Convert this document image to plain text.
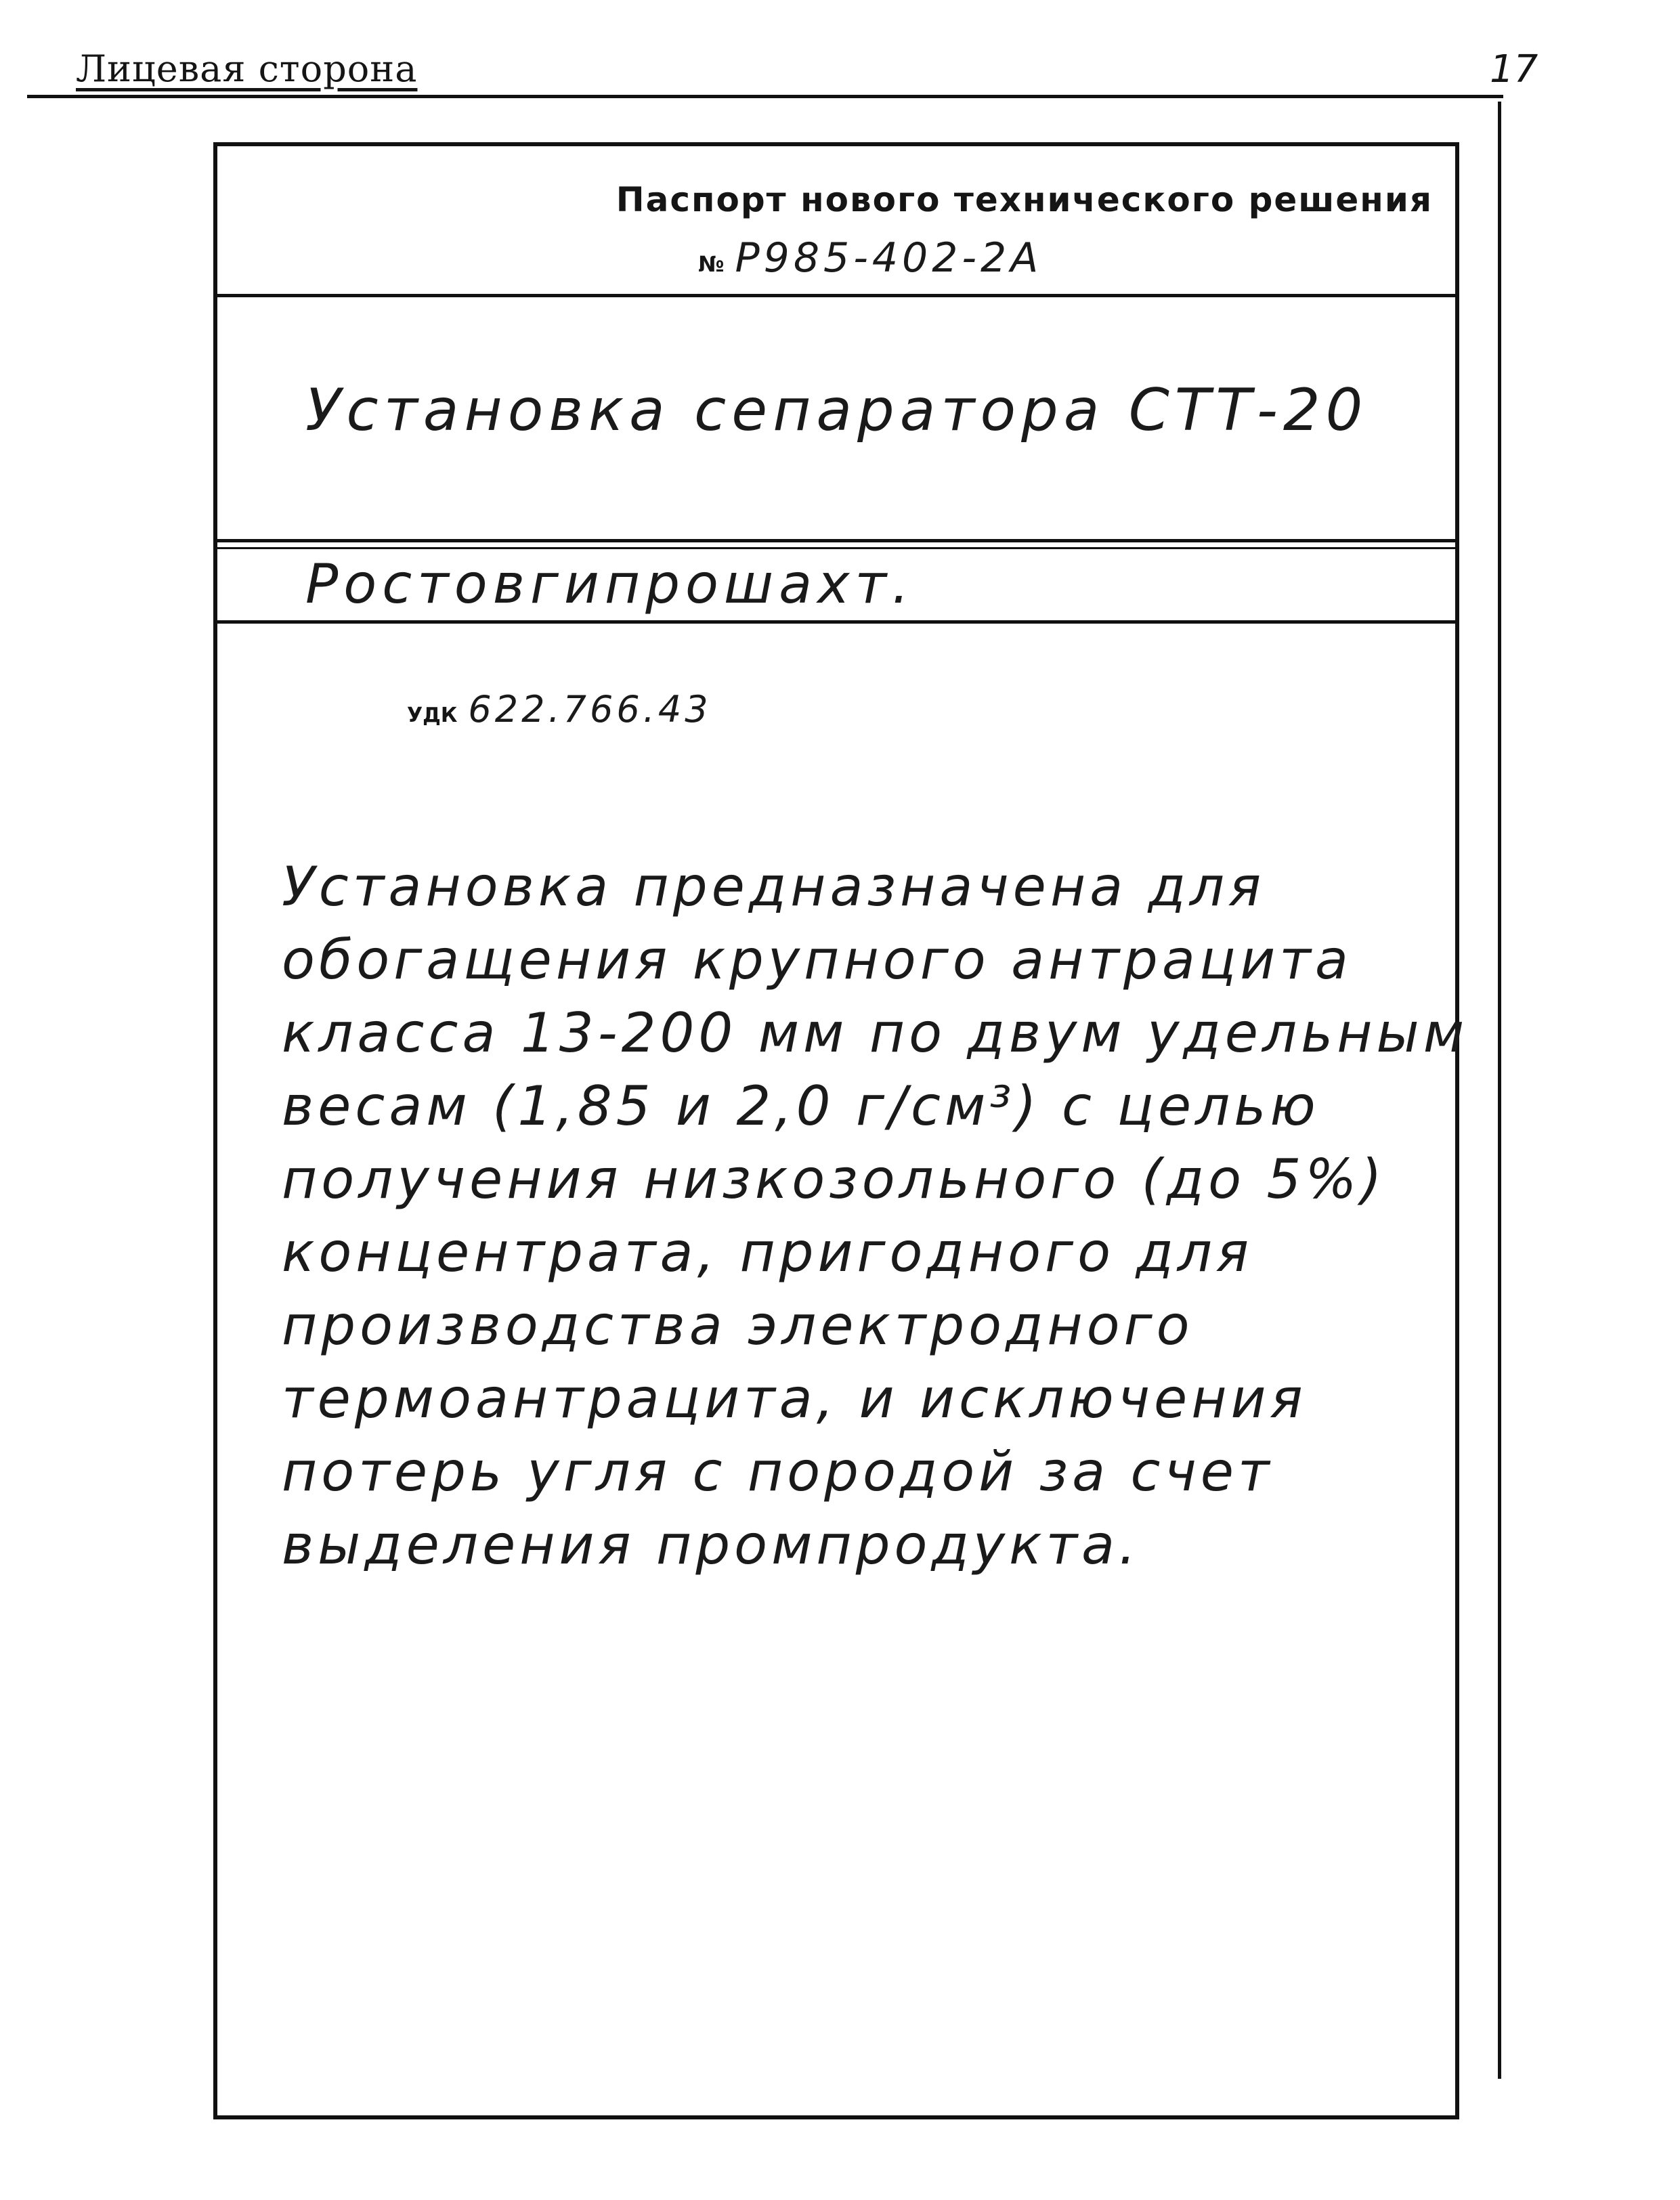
Лицевая сторона	17
Паспорт нового технического решения
№ Р985-402-2А
Установка сепаратора СТТ-20
Ростовгипрошахт.
УДК 622.766.43
Установка предназначена для
обогащения крупного антрацита
класса 13-200 мм по двум удельным
весам (1,85 и 2,0 г/см³) с целью
получения низкозольного (до 5%)
концентрата, пригодного для
производства электродного
термоантрацита, и исключения
потерь угля с породой за счет
выделения промпродукта.
